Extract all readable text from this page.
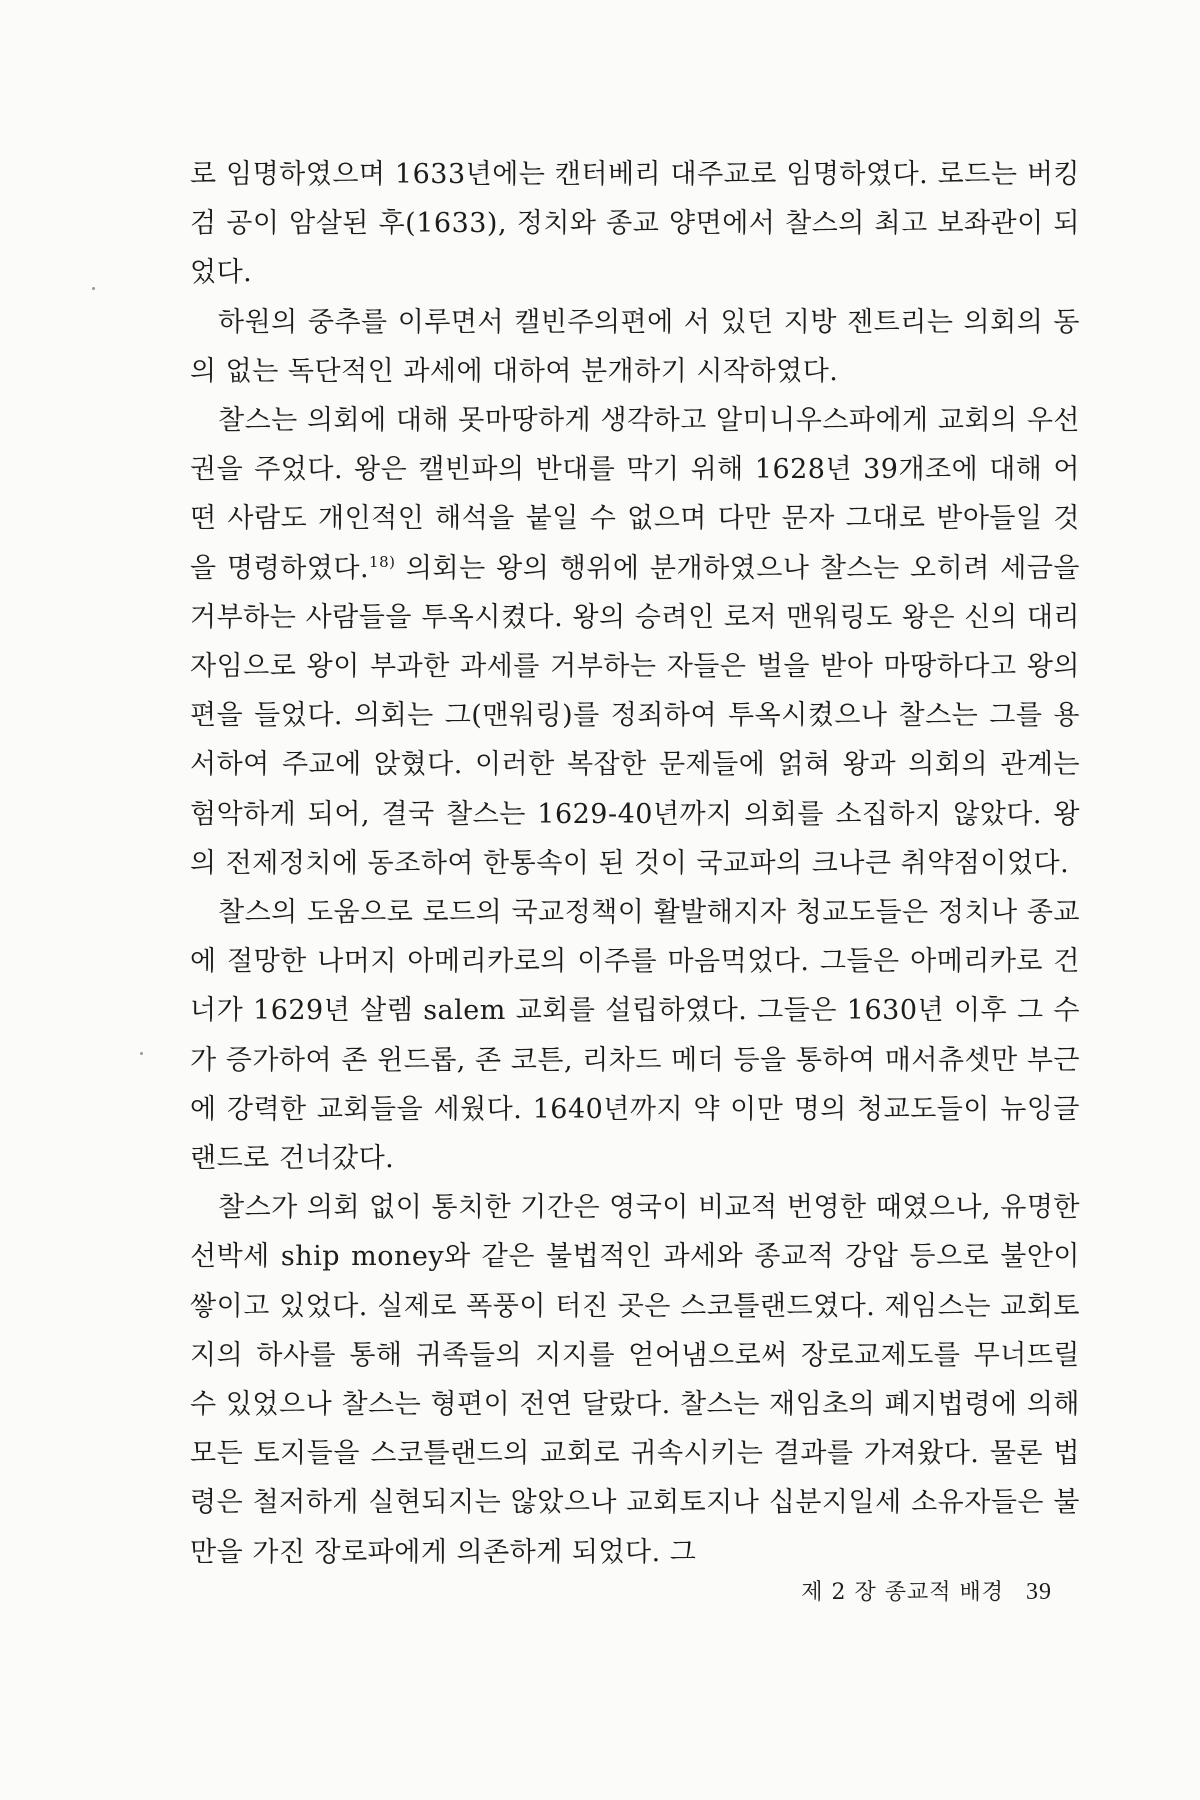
로 임명하였으며 1633년에는 캔터베리 대주교로 임명하였다. 로드는 버킹검 공이 암살된 후(1633), 정치와 종교 양면에서 찰스의 최고 보좌관이 되었다.

하원의 중추를 이루면서 캘빈주의편에 서 있던 지방 젠트리는 의회의 동의 없는 독단적인 과세에 대하여 분개하기 시작하였다.

찰스는 의회에 대해 못마땅하게 생각하고 알미니우스파에게 교회의 우선권을 주었다. 왕은 캘빈파의 반대를 막기 위해 1628년 39개조에 대해 어떤 사람도 개인적인 해석을 붙일 수 없으며 다만 문자 그대로 받아들일 것을 명령하였다.$^{18)}$ 의회는 왕의 행위에 분개하였으나 찰스는 오히려 세금을 거부하는 사람들을 투옥시켰다. 왕의 승려인 로저 맨워링도 왕은 신의 대리자임으로 왕이 부과한 과세를 거부하는 자들은 벌을 받아 마땅하다고 왕의 편을 들었다. 의회는 그(맨워링)를 정죄하여 투옥시켰으나 찰스는 그를 용서하여 주교에 앉혔다. 이러한 복잡한 문제들에 얽혀 왕과 의회의 관계는 험악하게 되어, 결국 찰스는 1629-40년까지 의회를 소집하지 않았다. 왕의 전제정치에 동조하여 한통속이 된 것이 국교파의 크나큰 취약점이었다.

찰스의 도움으로 로드의 국교정책이 활발해지자 청교도들은 정치나 종교에 절망한 나머지 아메리카로의 이주를 마음먹었다. 그들은 아메리카로 건너가 1629년 살렘 salem 교회를 설립하였다. 그들은 1630년 이후 그 수가 증가하여 존 윈드롭, 존 코튼, 리차드 메더 등을 통하여 매서츄셋만 부근에 강력한 교회들을 세웠다. 1640년까지 약 이만 명의 청교도들이 뉴잉글랜드로 건너갔다.

찰스가 의회 없이 통치한 기간은 영국이 비교적 번영한 때였으나, 유명한 선박세 ship money와 같은 불법적인 과세와 종교적 강압 등으로 불안이 쌓이고 있었다. 실제로 폭풍이 터진 곳은 스코틀랜드였다. 제임스는 교회토지의 하사를 통해 귀족들의 지지를 얻어냄으로써 장로교제도를 무너뜨릴 수 있었으나 찰스는 형편이 전연 달랐다. 찰스는 재임초의 폐지법령에 의해 모든 토지들을 스코틀랜드의 교회로 귀속시키는 결과를 가져왔다. 물론 법령은 철저하게 실현되지는 않았으나 교회토지나 십분지일세 소유자들은 불만을 가진 장로파에게 의존하게 되었다. 그

제 2 장 종교적 배경 39
